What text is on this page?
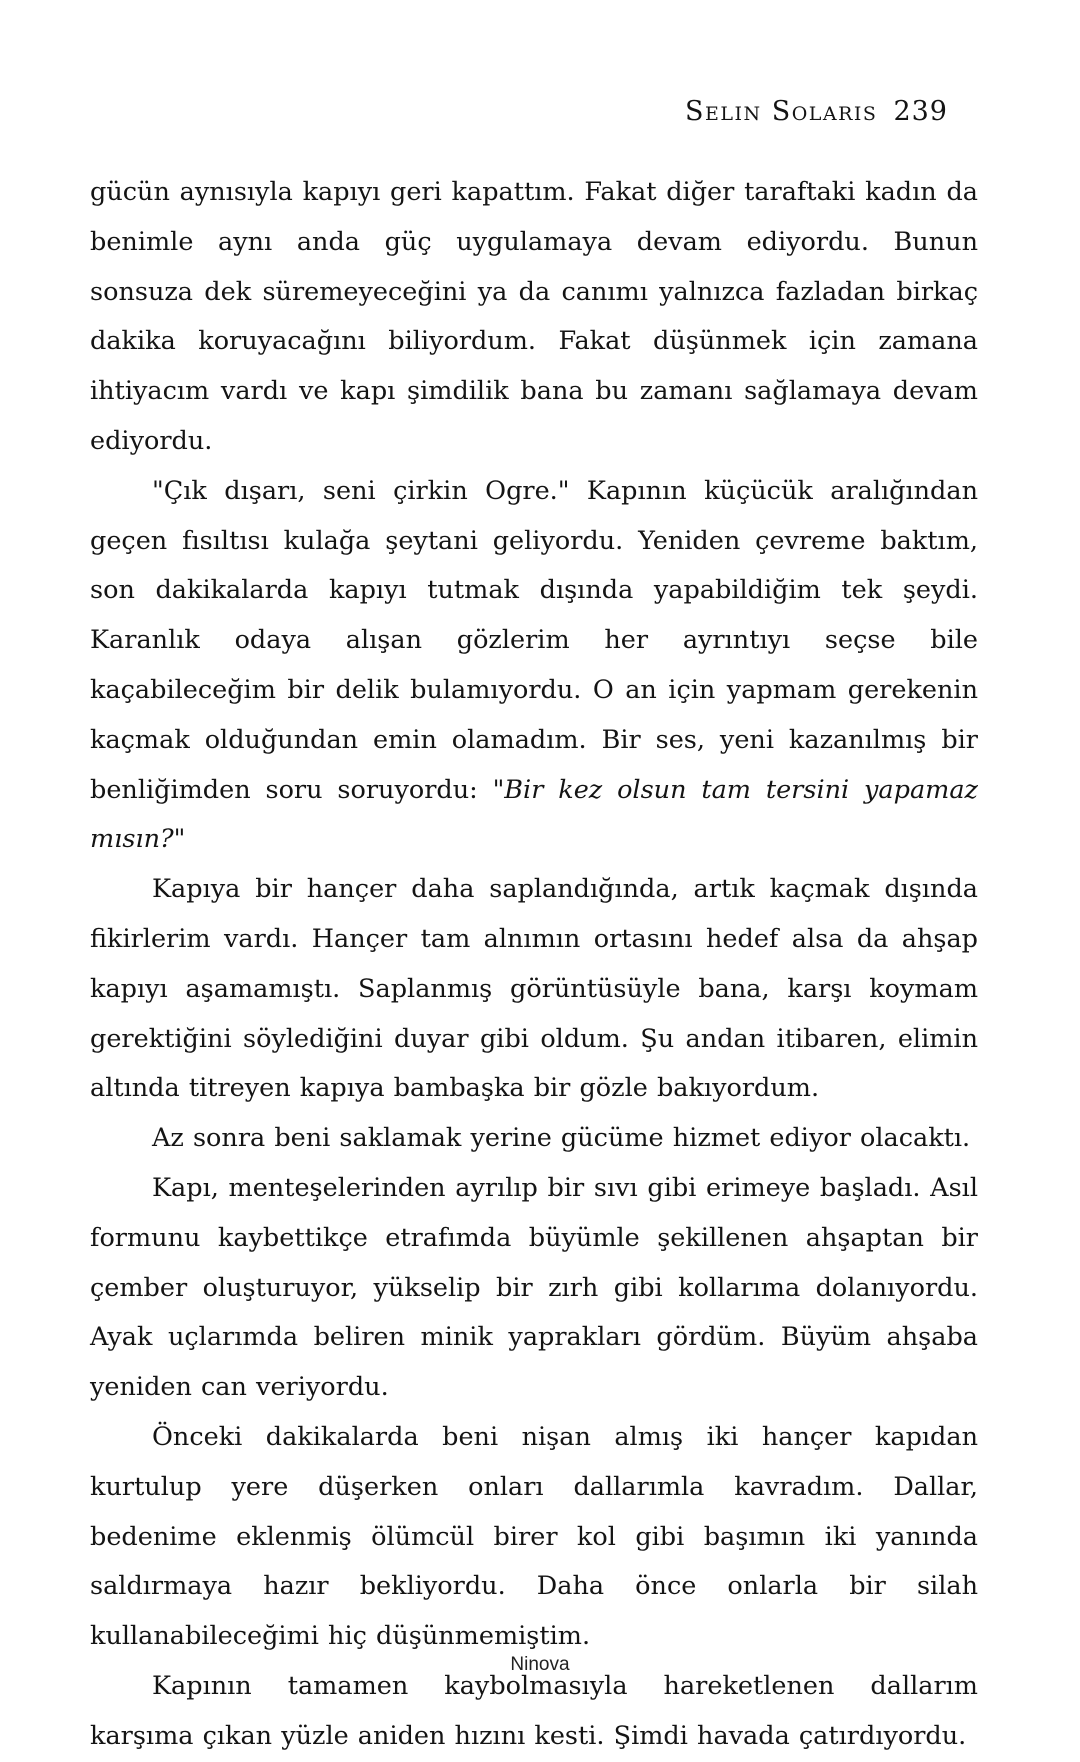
Selin Solaris 239

gücün aynısıyla kapıyı geri kapattım. Fakat diğer taraftaki kadın da benimle aynı anda güç uygulamaya devam ediyordu. Bunun sonsuza dek süremeyeceğini ya da canımı yalnızca fazladan birkaç dakika koruyacağını biliyordum. Fakat düşünmek için zamana ihtiyacım vardı ve kapı şimdilik bana bu zamanı sağlamaya devam ediyordu.

"Çık dışarı, seni çirkin Ogre." Kapının küçücük aralığından geçen fısıltısı kulağa şeytani geliyordu. Yeniden çevreme baktım, son dakikalarda kapıyı tutmak dışında yapabildiğim tek şeydi. Karanlık odaya alışan gözlerim her ayrıntıyı seçse bile kaçabileceğim bir delik bulamıyordu. O an için yapmam gerekenin kaçmak olduğundan emin olamadım. Bir ses, yeni kazanılmış bir benliğimden soru soruyordu: "Bir kez olsun tam tersini yapamaz mısın?"

Kapıya bir hançer daha saplandığında, artık kaçmak dışında fikirlerim vardı. Hançer tam alnımın ortasını hedef alsa da ahşap kapıyı aşamamıştı. Saplanmış görüntüsüyle bana, karşı koymam gerektiğini söylediğini duyar gibi oldum. Şu andan itibaren, elimin altında titreyen kapıya bambaşka bir gözle bakıyordum.

Az sonra beni saklamak yerine gücüme hizmet ediyor olacaktı.

Kapı, menteşelerinden ayrılıp bir sıvı gibi erimeye başladı. Asıl formunu kaybettikçe etrafımda büyümle şekillenen ahşaptan bir çember oluşturuyor, yükselip bir zırh gibi kollarıma dolanıyordu. Ayak uçlarımda beliren minik yaprakları gördüm. Büyüm ahşaba yeniden can veriyordu.

Önceki dakikalarda beni nişan almış iki hançer kapıdan kurtulup yere düşerken onları dallarımla kavradım. Dallar, bedenime eklenmiş ölümcül birer kol gibi başımın iki yanında saldırmaya hazır bekliyordu. Daha önce onlarla bir silah kullanabileceğimi hiç düşünmemiştim.

Kapının tamamen kaybolmasıyla hareketlenen dallarım karşıma çıkan yüzle aniden hızını kesti. Şimdi havada çatırdıyordu.

Ninova
